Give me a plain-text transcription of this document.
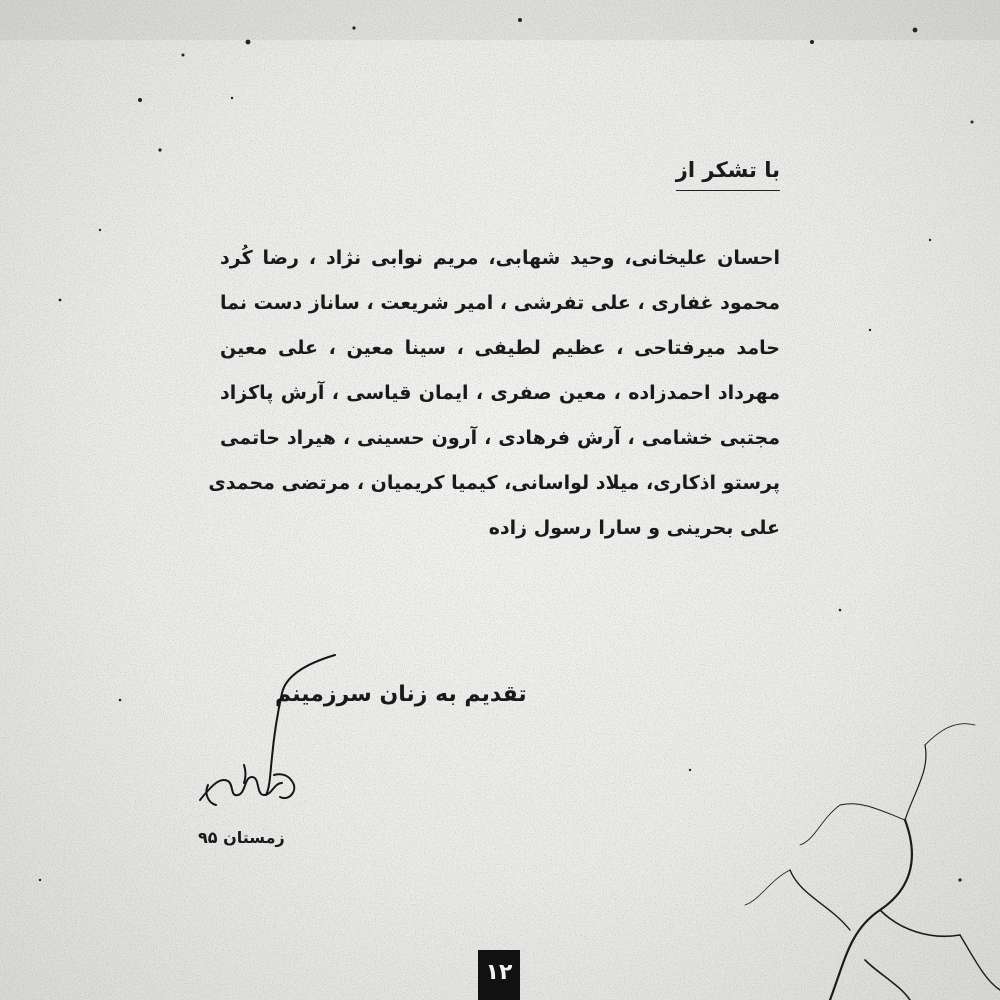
با تشکر از
احسان علیخانی، وحید شهابی، مریم نوابی نژاد ، رضا کُرد
محمود غفاری ، علی تفرشی ، امیر شریعت ، ساناز دست نما
حامد میرفتاحی ، عظیم لطیفی ، سینا معین ، علی معین
مهرداد احمدزاده ، معین صفری ، ایمان قیاسی ، آرش پاکزاد
مجتبی خشامی ، آرش فرهادی ، آرون حسینی ، هیراد حاتمی
پرستو اذکاری، میلاد لواسانی، کیمیا کریمیان ، مرتضی محمدی
علی بحرینی و سارا رسول زاده
تقدیم به زنان سرزمینم
زمستان ۹۵
۱۲
